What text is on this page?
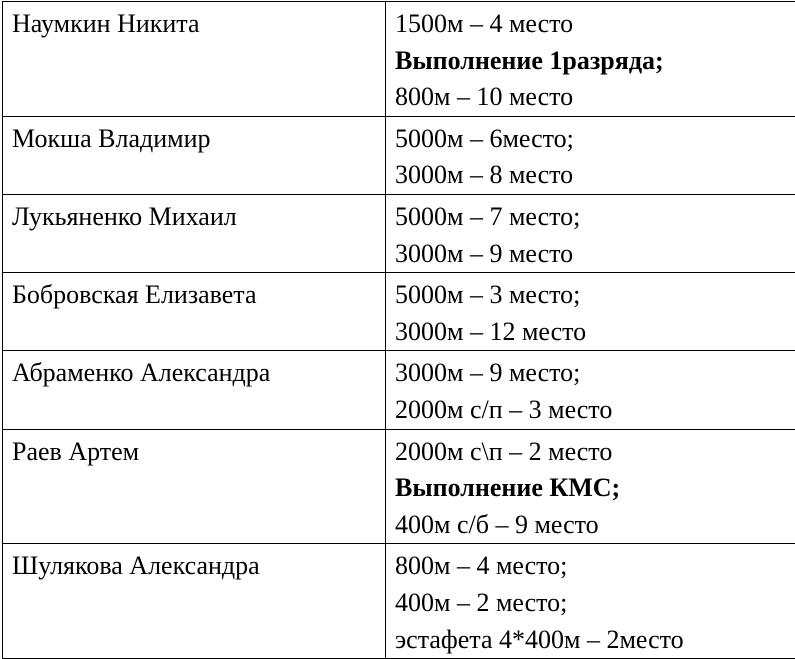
Наумкин Никита	1500м – 4 место
Выполнение 1разряда;
800м – 10 место

Мокша Владимир	5000м – 6место;
3000м – 8 место

Лукьяненко Михаил	5000м – 7 место;
3000м – 9 место

Бобровская Елизавета	5000м – 3 место;
3000м – 12 место

Абраменко Александра	3000м – 9 место;
2000м с/п – 3 место

Раев Артем	2000м с\п – 2 место
Выполнение КМС;
400м с/б – 9 место

Шулякова Александра	800м – 4 место;
400м – 2 место;
эстафета 4*400м – 2место
